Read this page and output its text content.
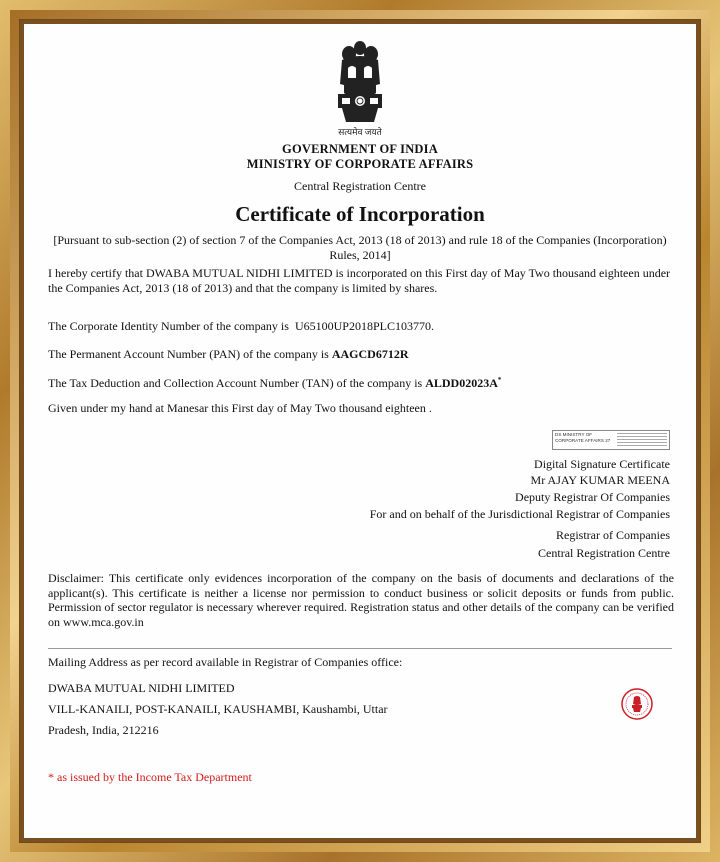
सत्यमेव जयते
GOVERNMENT OF INDIA
MINISTRY OF CORPORATE AFFAIRS
Central Registration Centre
Certificate of Incorporation
[Pursuant to sub-section (2) of section 7 of the Companies Act, 2013 (18 of 2013) and rule 18 of the Companies (Incorporation) Rules, 2014]
I hereby certify that DWABA MUTUAL NIDHI LIMITED is incorporated on this First day of May Two thousand eighteen under the Companies Act, 2013 (18 of 2013) and that the company is limited by shares.
The Corporate Identity Number of the company is U65100UP2018PLC103770.
The Permanent Account Number (PAN) of the company is AAGCD6712R
The Tax Deduction and Collection Account Number (TAN) of the company is ALDD02023A*
Given under my hand at Manesar this First day of May Two thousand eighteen .
DS MINISTRY OF CORPORATE AFFAIRS 27
Digital Signature Certificate
Mr AJAY KUMAR MEENA
Deputy Registrar Of Companies
For and on behalf of the Jurisdictional Registrar of Companies
Registrar of Companies
Central Registration Centre
Disclaimer: This certificate only evidences incorporation of the company on the basis of documents and declarations of the applicant(s). This certificate is neither a license nor permission to conduct business or solicit deposits or funds from public. Permission of sector regulator is necessary wherever required. Registration status and other details of the company can be verified on www.mca.gov.in
Mailing Address as per record available in Registrar of Companies office:
DWABA MUTUAL NIDHI LIMITED
VILL-KANAILI, POST-KANAILI, KAUSHAMBI, Kaushambi, Uttar
Pradesh, India, 212216
* as issued by the Income Tax Department
